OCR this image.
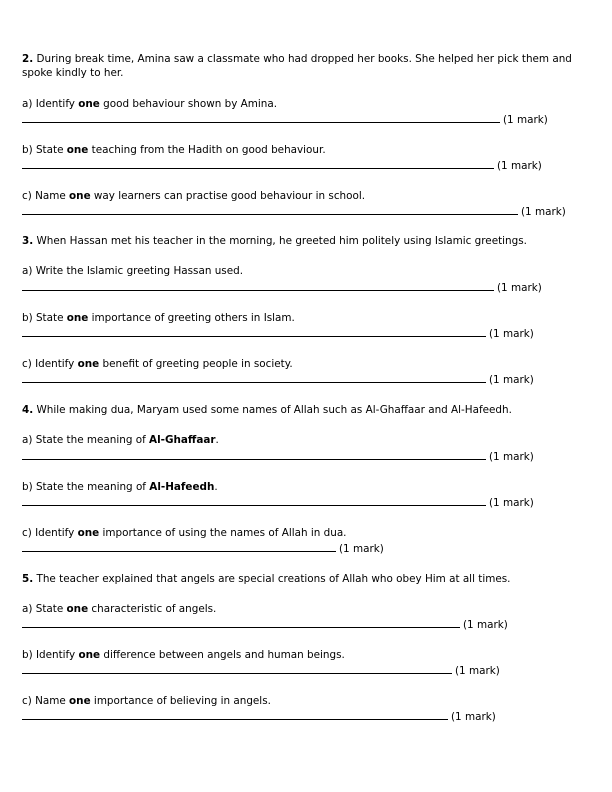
2. During break time, Amina saw a classmate who had dropped her books. She helped her pick them and spoke kindly to her.
a) Identify one good behaviour shown by Amina.
(1 mark)
b) State one teaching from the Hadith on good behaviour.
(1 mark)
c) Name one way learners can practise good behaviour in school.
(1 mark)
3. When Hassan met his teacher in the morning, he greeted him politely using Islamic greetings.
a) Write the Islamic greeting Hassan used.
(1 mark)
b) State one importance of greeting others in Islam.
(1 mark)
c) Identify one benefit of greeting people in society.
(1 mark)
4. While making dua, Maryam used some names of Allah such as Al-Ghaffaar and Al-Hafeedh.
a) State the meaning of Al-Ghaffaar.
(1 mark)
b) State the meaning of Al-Hafeedh.
(1 mark)
c) Identify one importance of using the names of Allah in dua.
(1 mark)
5. The teacher explained that angels are special creations of Allah who obey Him at all times.
a) State one characteristic of angels.
(1 mark)
b) Identify one difference between angels and human beings.
(1 mark)
c) Name one importance of believing in angels.
(1 mark)
